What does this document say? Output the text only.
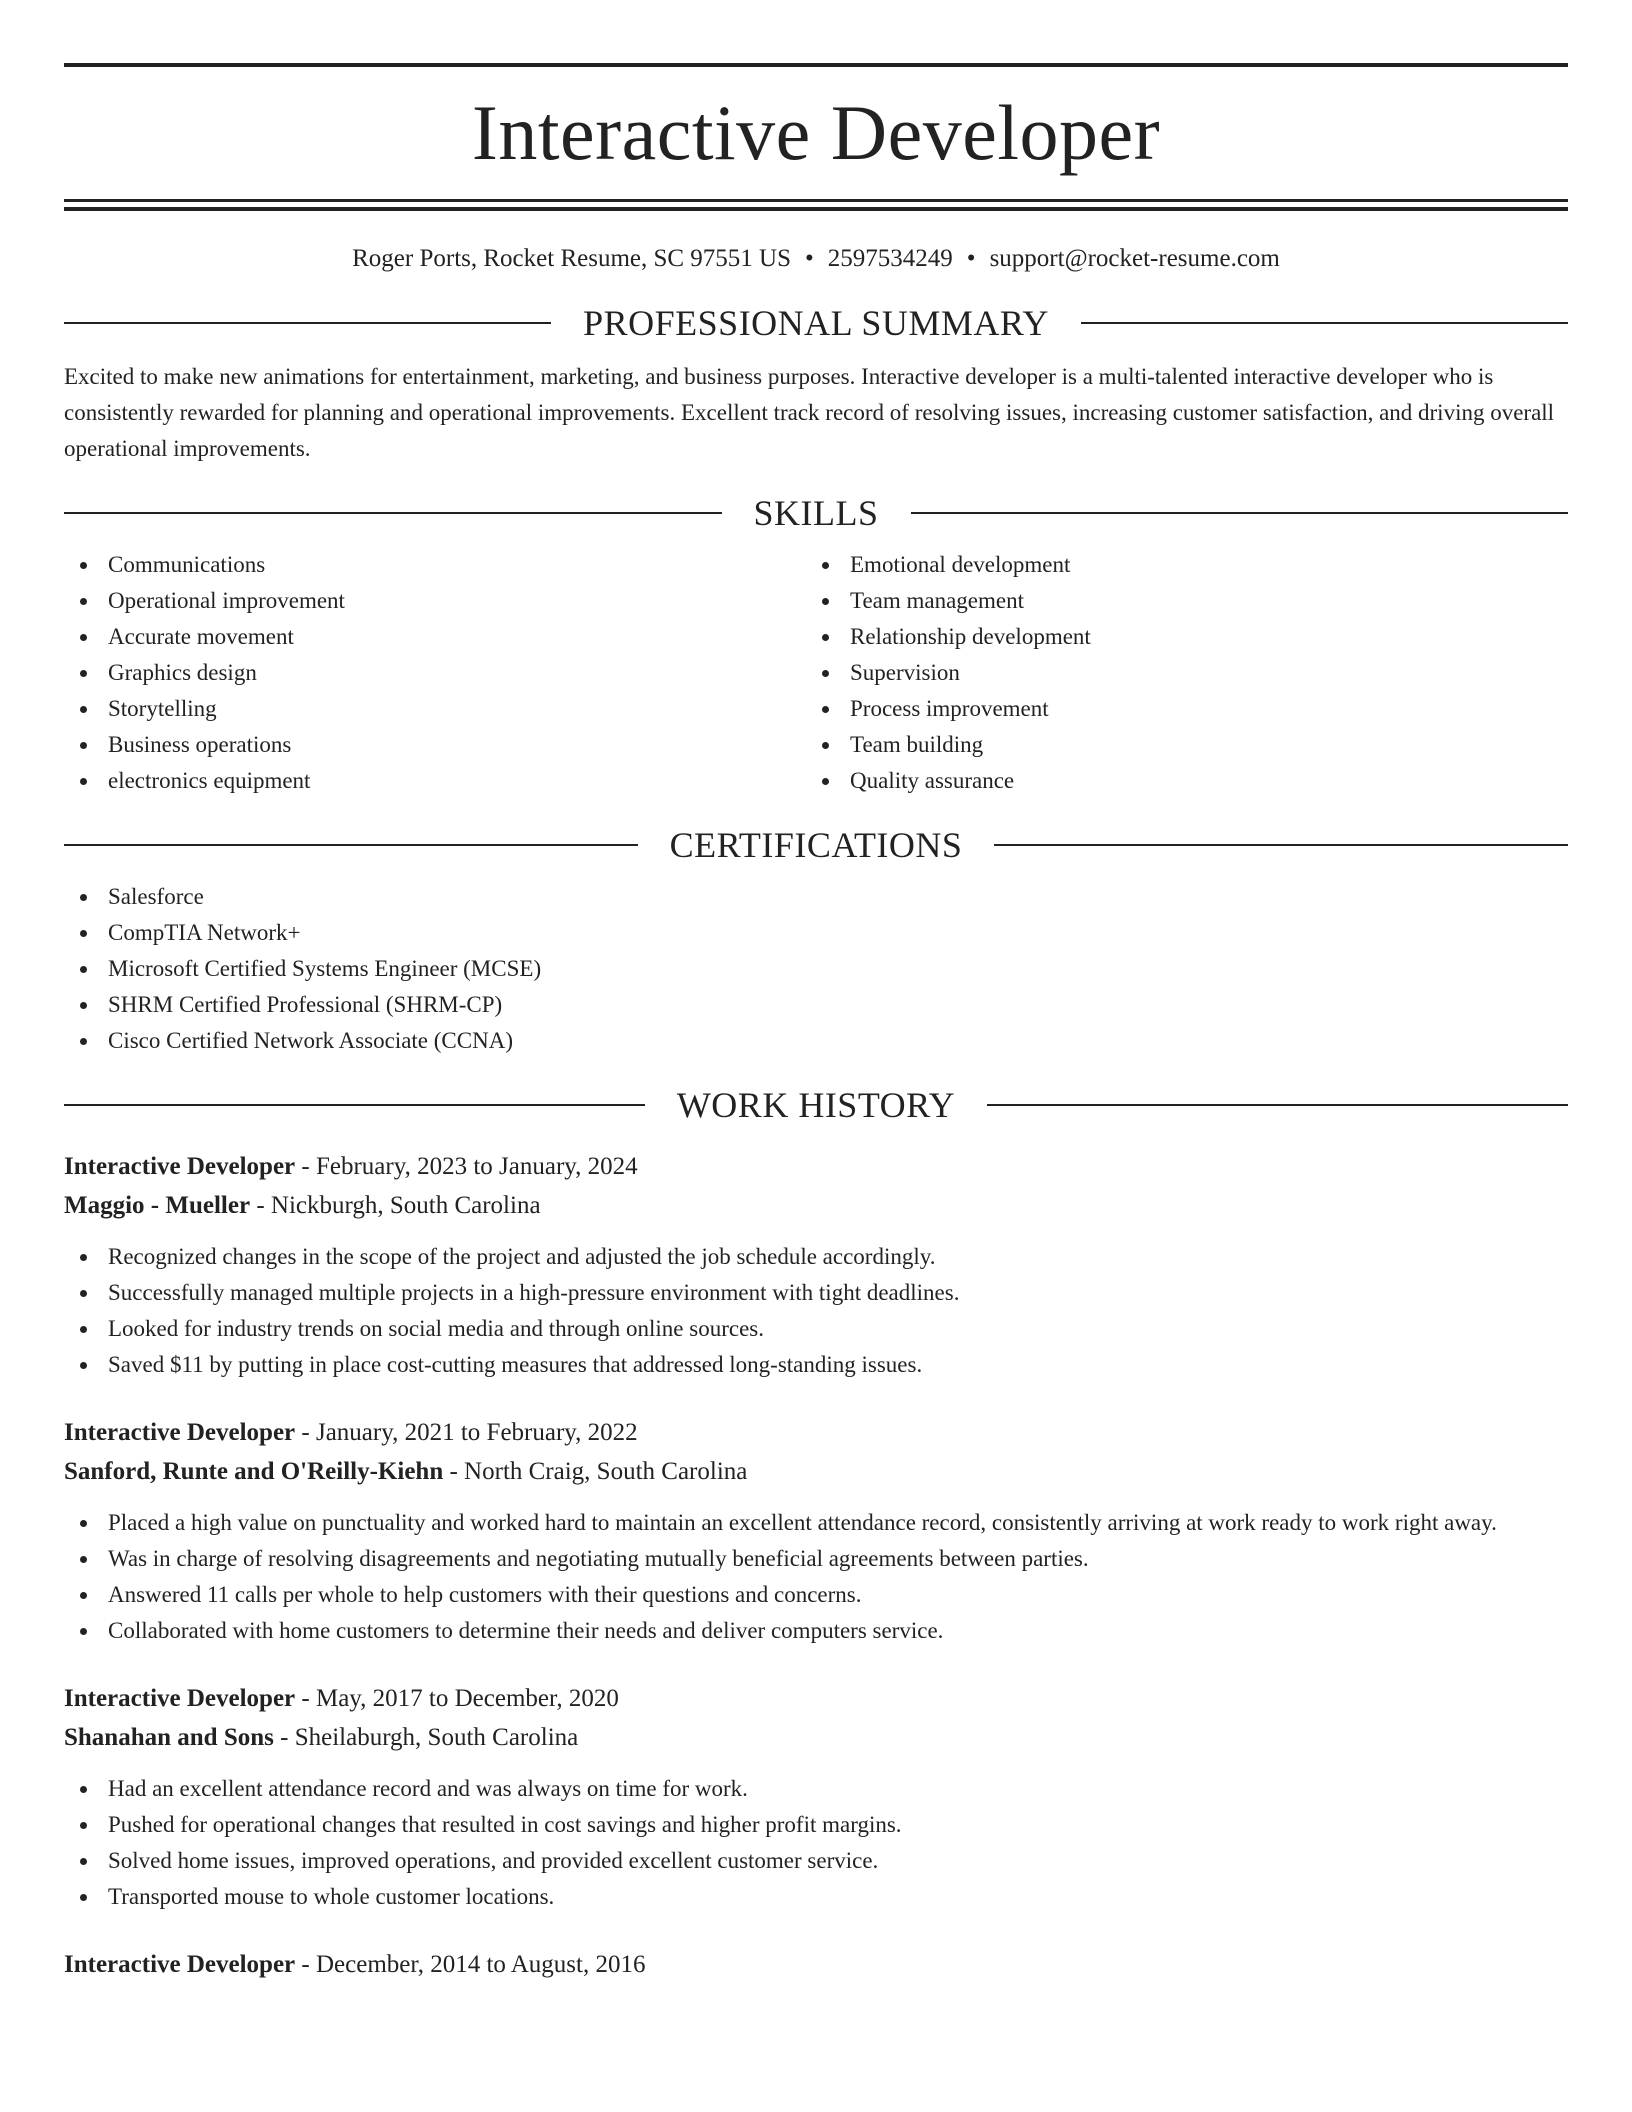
Interactive Developer
Roger Ports, Rocket Resume, SC 97551 US • 2597534249 • support@rocket-resume.com
PROFESSIONAL SUMMARY

Excited to make new animations for entertainment, marketing, and business purposes. Interactive developer is a multi-talented interactive developer who is consistently rewarded for planning and operational improvements. Excellent track record of resolving issues, increasing customer satisfaction, and driving overall operational improvements.

SKILLS
Communications
Operational improvement
Accurate movement
Graphics design
Storytelling
Business operations
electronics equipment
Emotional development
Team management
Relationship development
Supervision
Process improvement
Team building
Quality assurance
CERTIFICATIONS
Salesforce
CompTIA Network+
Microsoft Certified Systems Engineer (MCSE)
SHRM Certified Professional (SHRM-CP)
Cisco Certified Network Associate (CCNA)
WORK HISTORY
Interactive Developer - February, 2023 to January, 2024
Maggio - Mueller - Nickburgh, South Carolina
Recognized changes in the scope of the project and adjusted the job schedule accordingly.
Successfully managed multiple projects in a high-pressure environment with tight deadlines.
Looked for industry trends on social media and through online sources.
Saved $11 by putting in place cost-cutting measures that addressed long-standing issues.
Interactive Developer - January, 2021 to February, 2022
Sanford, Runte and O'Reilly-Kiehn - North Craig, South Carolina
Placed a high value on punctuality and worked hard to maintain an excellent attendance record, consistently arriving at work ready to work right away.
Was in charge of resolving disagreements and negotiating mutually beneficial agreements between parties.
Answered 11 calls per whole to help customers with their questions and concerns.
Collaborated with home customers to determine their needs and deliver computers service.
Interactive Developer - May, 2017 to December, 2020
Shanahan and Sons - Sheilaburgh, South Carolina
Had an excellent attendance record and was always on time for work.
Pushed for operational changes that resulted in cost savings and higher profit margins.
Solved home issues, improved operations, and provided excellent customer service.
Transported mouse to whole customer locations.
Interactive Developer - December, 2014 to August, 2016
